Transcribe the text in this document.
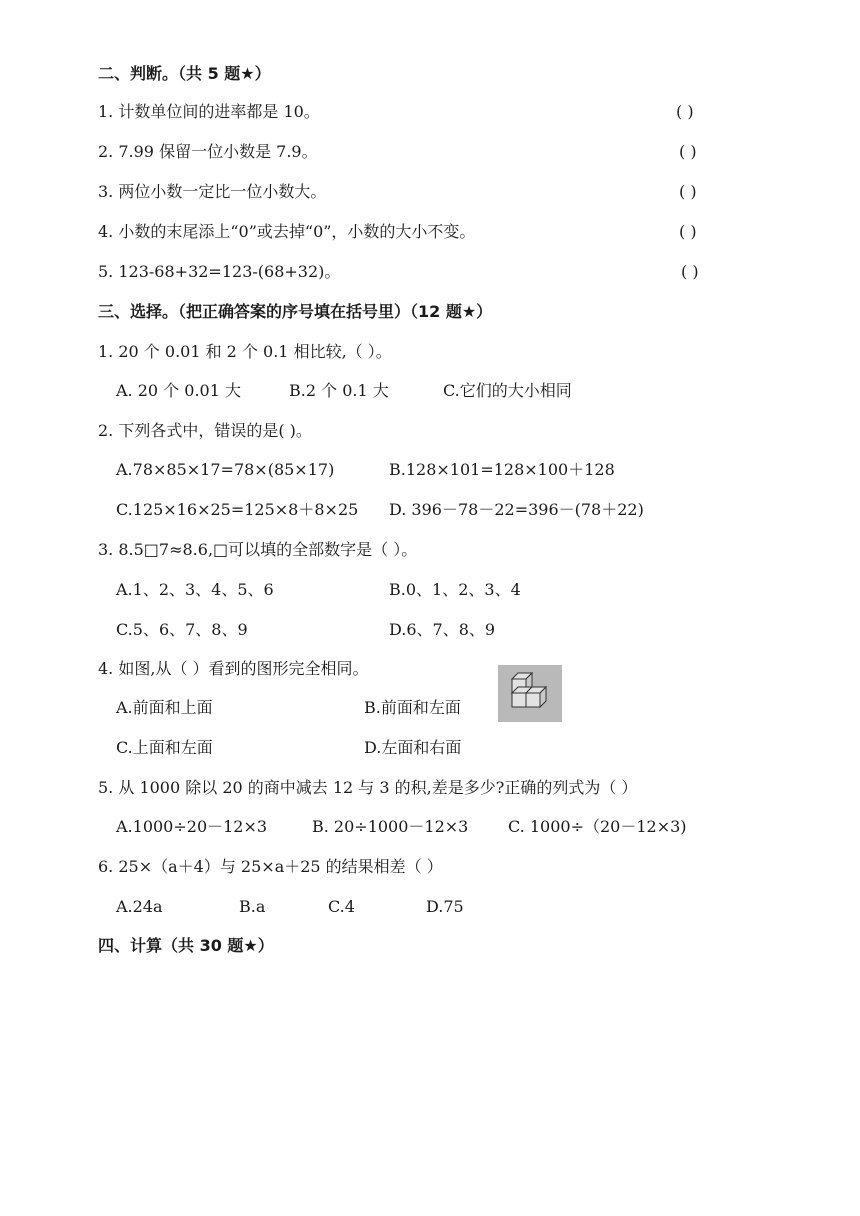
二、判断。（共 5 题★）
1. 计数单位间的进率都是 10。	( )
2. 7.99 保留一位小数是 7.9。	( )
3. 两位小数一定比一位小数大。	( )
4. 小数的末尾添上“0”或去掉“0”，小数的大小不变。	( )
5. 123-68+32=123-(68+32)。	( )
三、选择。（把正确答案的序号填在括号里）（12 题★）
1. 20 个 0.01 和 2 个 0.1 相比较,（ ）。
A. 20 个 0.01 大	B.2 个 0.1 大	C.它们的大小相同
2. 下列各式中，错误的是( )。
A.78×85×17=78×(85×17)	B.128×101=128×100＋128
C.125×16×25=125×8＋8×25 D. 396－78－22=396－(78＋22)
3. 8.5□7≈8.6,□可以填的全部数字是（ ）。
A.1、2、3、4、5、6	B.0、1、2、3、4
C.5、6、7、8、9	D.6、7、8、9
4. 如图,从（ ）看到的图形完全相同。
A.前面和上面	B.前面和左面
C.上面和左面	D.左面和右面
5. 从 1000 除以 20 的商中减去 12 与 3 的积,差是多少?正确的列式为（ ）
A.1000÷20－12×3	B. 20÷1000－12×3 C. 1000÷（20－12×3)
6. 25×（a＋4）与 25×a＋25 的结果相差（ ）
A.24a	B.a	C.4	D.75
四、计算（共 30 题★）
